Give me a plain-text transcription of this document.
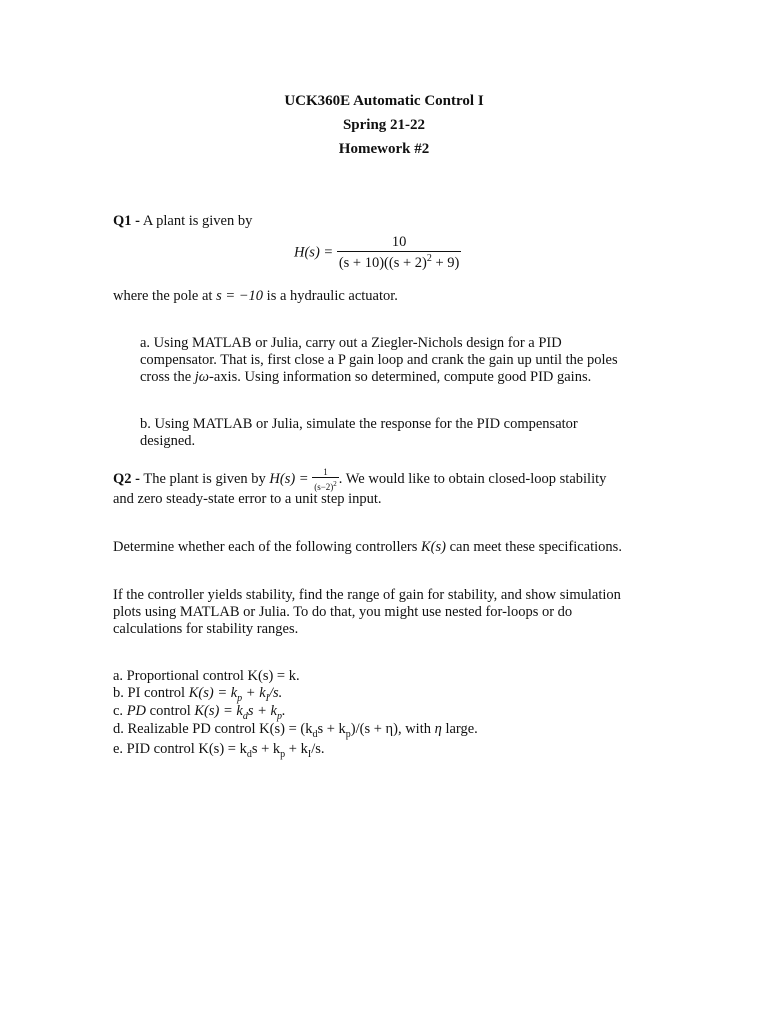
UCK360E Automatic Control I
Spring 21-22
Homework #2
Q1 - A plant is given by
$H(s) = \frac{10}{(s + 10)((s + 2)^2 + 9)}$
where the pole at s = −10 is a hydraulic actuator.
a. Using MATLAB or Julia, carry out a Ziegler-Nichols design for a PID
compensator. That is, first close a P gain loop and crank the gain up until the poles
cross the jω-axis. Using information so determined, compute good PID gains.
b. Using MATLAB or Julia, simulate the response for the PID compensator
designed.
Q2 - The plant is given by $H(s) = \frac{1}{(s-2)^2}$ . We would like to obtain closed-loop stability
and zero steady-state error to a unit step input.
Determine whether each of the following controllers K(s) can meet these specifications.
If the controller yields stability, find the range of gain for stability, and show simulation
plots using MATLAB or Julia. To do that, you might use nested for-loops or do
calculations for stability ranges.
a. Proportional control K(s) = k.
b. PI control $K(s) = k_p + k_I/s$.
c. PD control $K(s) = k_ds + k_p$.
d. Realizable PD control $K(s) = (k_ds + k_p)/(s + \eta)$, with η large.
e. PID control $K(s) = k_ds + k_p + k_I/s$.
